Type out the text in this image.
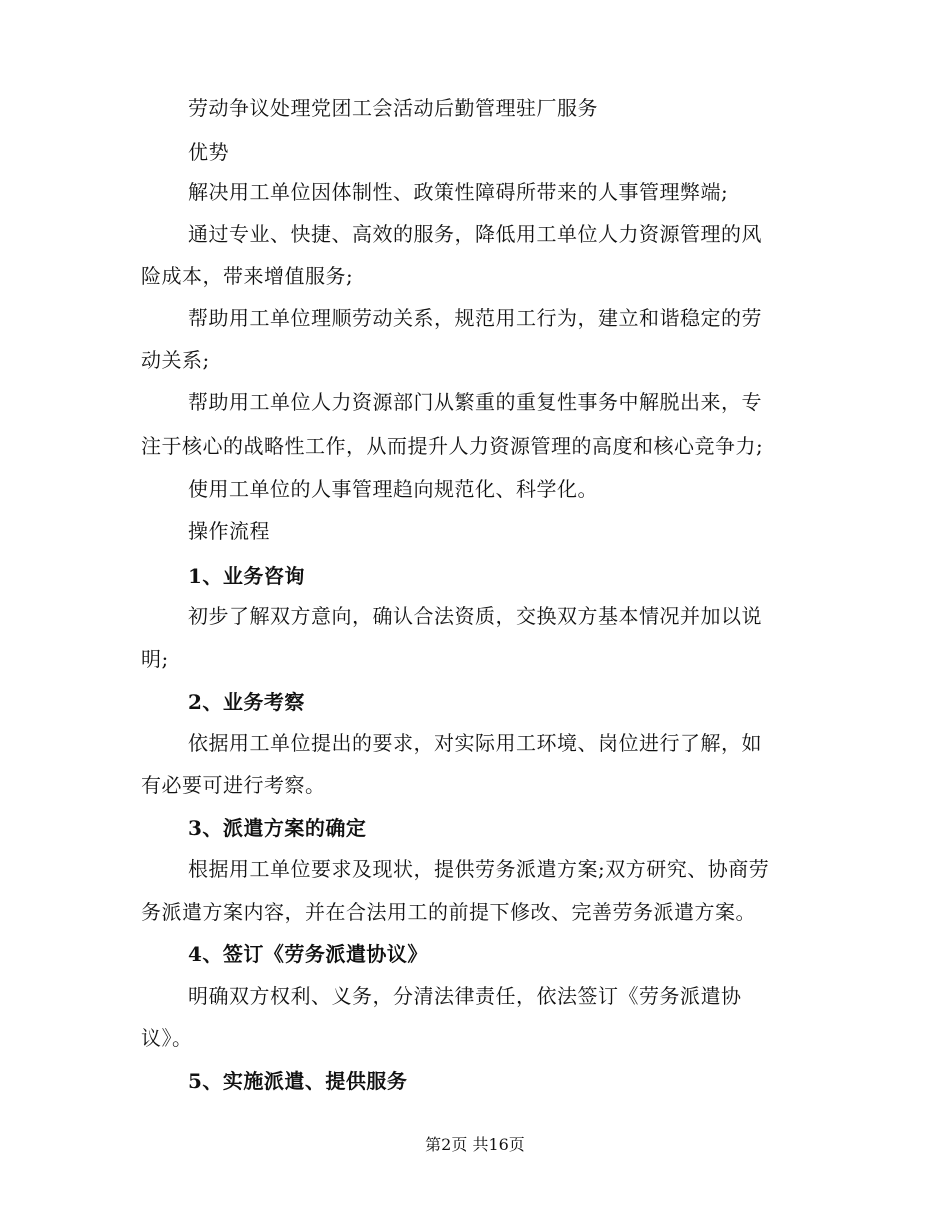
劳动争议处理党团工会活动后勤管理驻厂服务
优势
解决用工单位因体制性、政策性障碍所带来的人事管理弊端;
通过专业、快捷、高效的服务，降低用工单位人力资源管理的风
险成本，带来增值服务;
帮助用工单位理顺劳动关系，规范用工行为，建立和谐稳定的劳
动关系;
帮助用工单位人力资源部门从繁重的重复性事务中解脱出来，专
注于核心的战略性工作，从而提升人力资源管理的高度和核心竞争力;
使用工单位的人事管理趋向规范化、科学化。
操作流程
1、业务咨询
初步了解双方意向，确认合法资质，交换双方基本情况并加以说
明;
2、业务考察
依据用工单位提出的要求，对实际用工环境、岗位进行了解，如
有必要可进行考察。
3、派遣方案的确定
根据用工单位要求及现状，提供劳务派遣方案;双方研究、协商劳
务派遣方案内容，并在合法用工的前提下修改、完善劳务派遣方案。
4、签订《劳务派遣协议》
明确双方权利、义务，分清法律责任，依法签订《劳务派遣协
议》。
5、实施派遣、提供服务
第2页 共16页
